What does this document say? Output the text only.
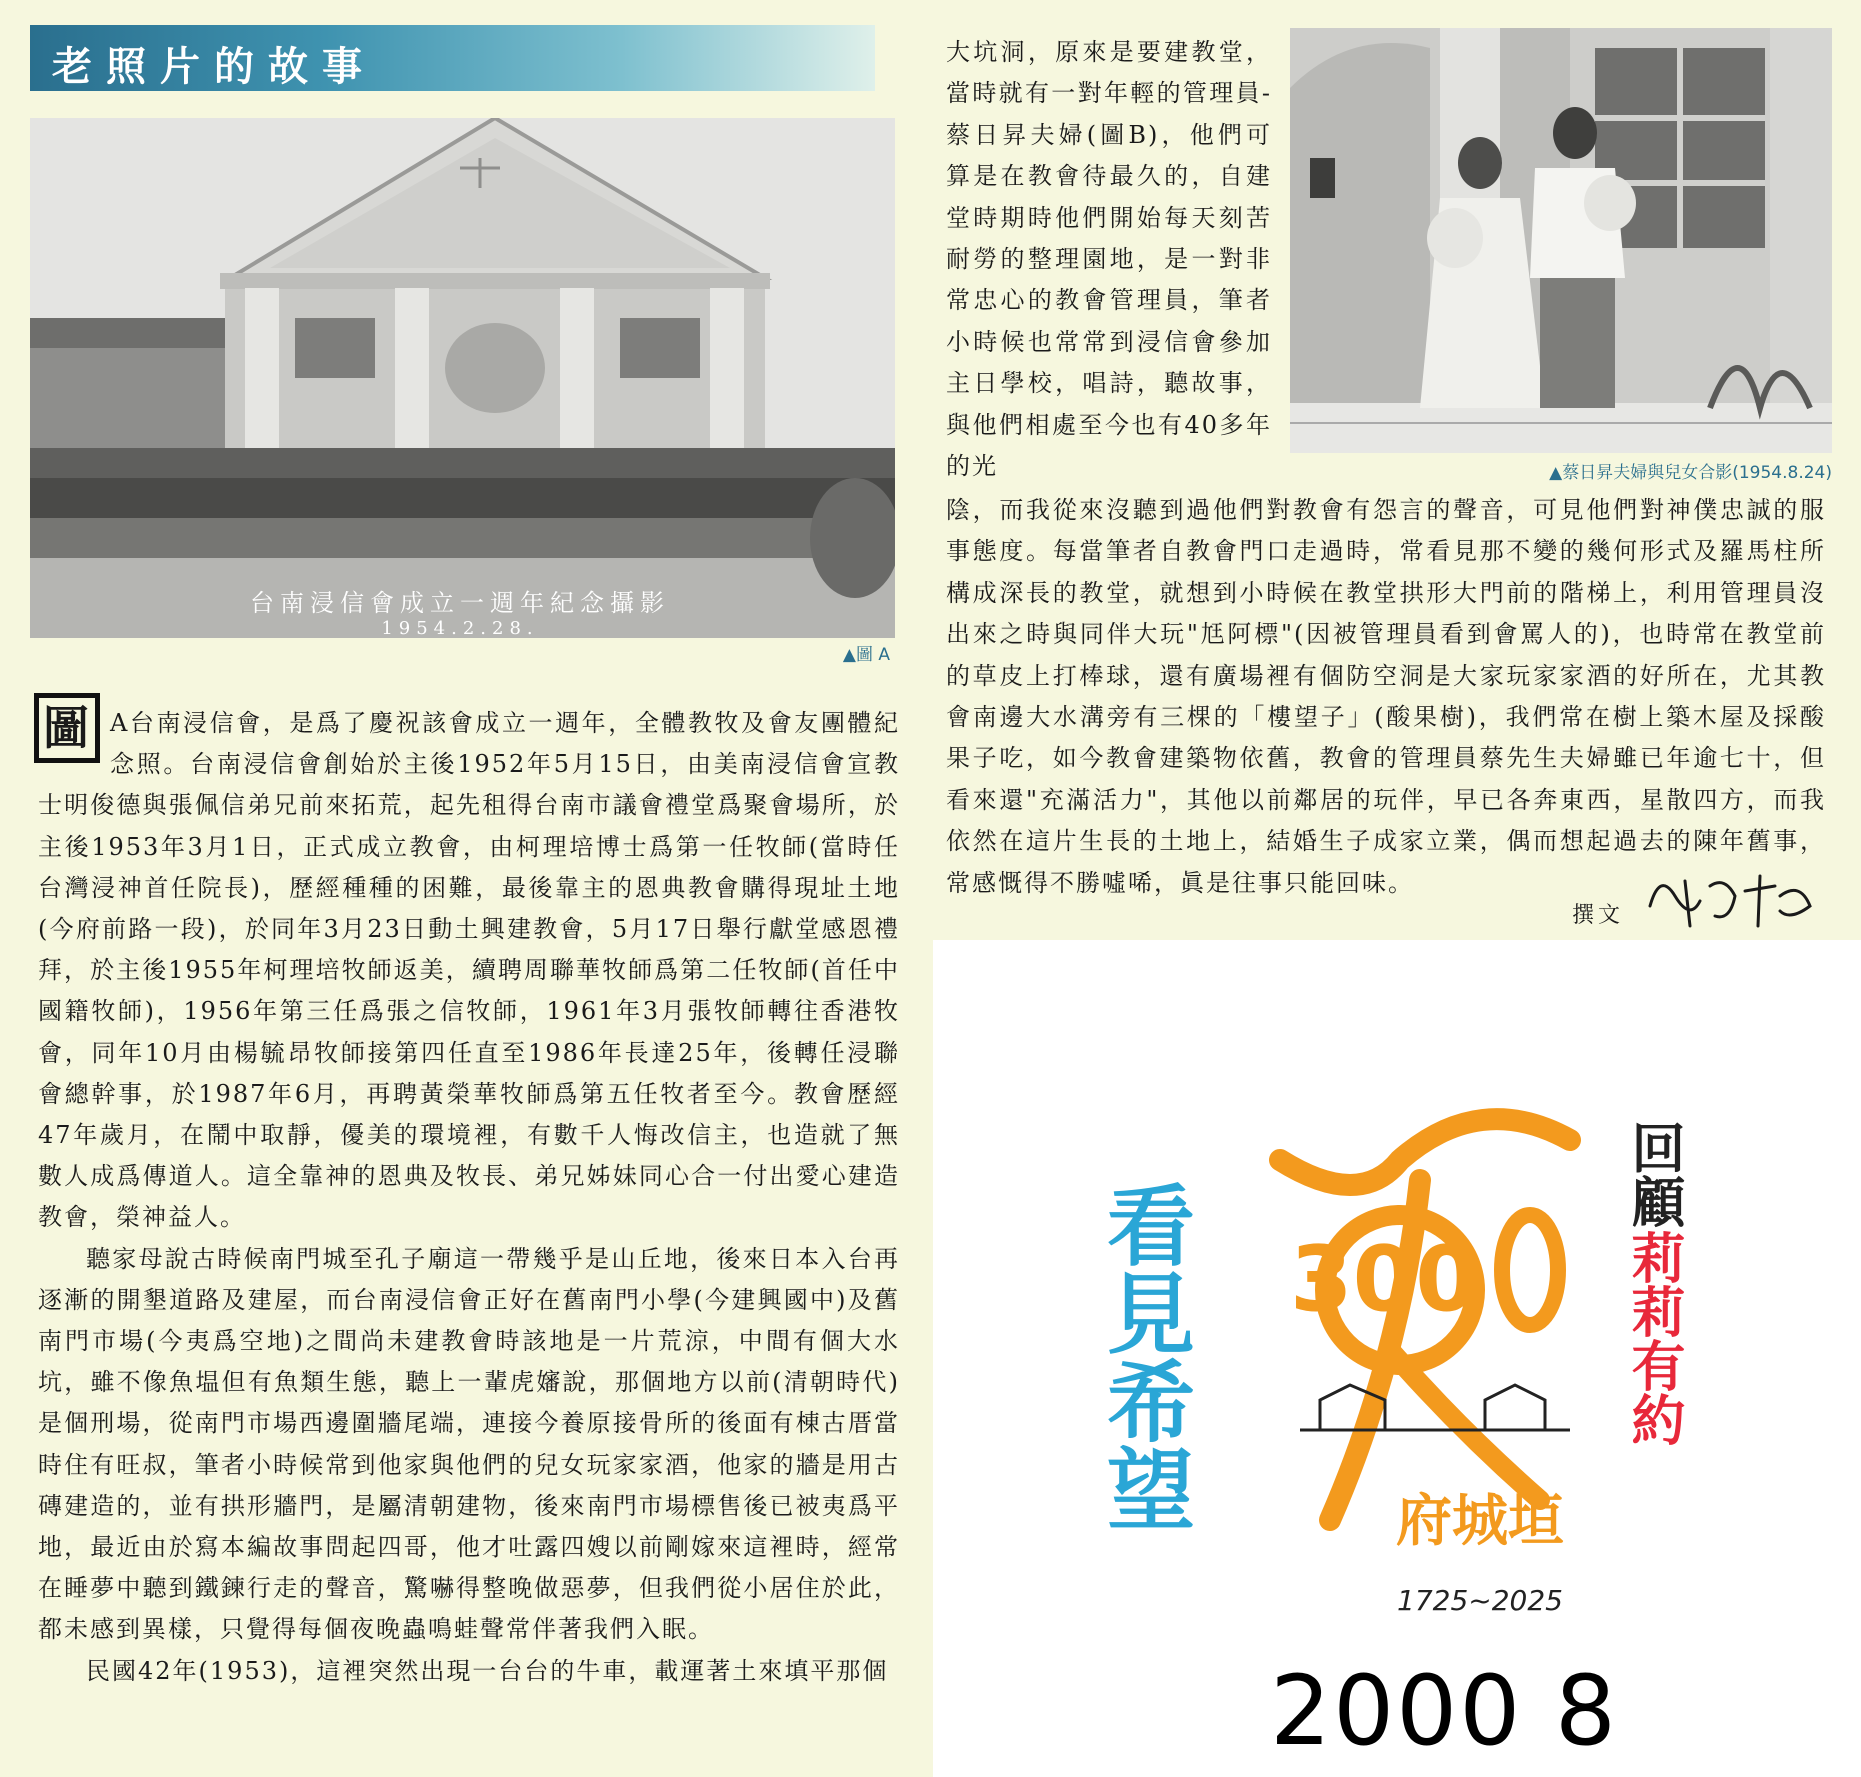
老照片的故事
台南浸信會成立一週年紀念攝影
1954.2.28.
▲圖 A

圖 A台南浸信會，是爲了慶祝該會成立一週年，全體教牧及會友團體紀念照。台南浸信會創始於主後1952年5月15日，由美南浸信會宣教士明俊德與張佩信弟兄前來拓荒，起先租得台南市議會禮堂爲聚會場所，於主後1953年3月1日，正式成立教會，由柯理培博士爲第一任牧師(當時任台灣浸神首任院長)，歷經種種的困難，最後靠主的恩典教會購得現址土地(今府前路一段)，於同年3月23日動土興建教會，5月17日舉行獻堂感恩禮拜，於主後1955年柯理培牧師返美，續聘周聯華牧師爲第二任牧師(首任中國籍牧師)，1956年第三任爲張之信牧師，1961年3月張牧師轉往香港牧會，同年10月由楊毓昂牧師接第四任直至1986年長達25年，後轉任浸聯會總幹事，於1987年6月，再聘黃榮華牧師爲第五任牧者至今。教會歷經47年歲月，在鬧中取靜，優美的環境裡，有數千人悔改信主，也造就了無數人成爲傳道人。這全靠神的恩典及牧長、弟兄姊妹同心合一付出愛心建造教會，榮神益人。

聽家母說古時候南門城至孔子廟這一帶幾乎是山丘地，後來日本入台再逐漸的開墾道路及建屋，而台南浸信會正好在舊南門小學(今建興國中)及舊南門市場(今夷爲空地)之間尚未建教會時該地是一片荒涼，中間有個大水坑，雖不像魚塭但有魚類生態，聽上一輩虎嬸說，那個地方以前(清朝時代)是個刑場，從南門市場西邊圍牆尾端，連接今養原接骨所的後面有棟古厝當時住有旺叔，筆者小時候常到他家與他們的兒女玩家家酒，他家的牆是用古磚建造的，並有拱形牆門，是屬清朝建物，後來南門市場標售後已被夷爲平地，最近由於寫本編故事問起四哥，他才吐露四嫂以前剛嫁來這裡時，經常在睡夢中聽到鐵鍊行走的聲音，驚嚇得整晚做惡夢，但我們從小居住於此，都未感到異樣，只覺得每個夜晚蟲鳴蛙聲常伴著我們入眠。

民國42年(1953)，這裡突然出現一台台的牛車，載運著土來填平那個

大坑洞，原來是要建教堂，當時就有一對年輕的管理員-蔡日昇夫婦(圖B)，他們可算是在教會待最久的，自建堂時期時他們開始每天刻苦耐勞的整理園地，是一對非常忠心的教會管理員，筆者小時候也常常到浸信會參加主日學校，唱詩，聽故事，與他們相處至今也有40多年的光	▲蔡日昇夫婦與兒女合影(1954.8.24)
陰，而我從來沒聽到過他們對教會有怨言的聲音，可見他們對神僕忠誠的服事態度。每當筆者自教會門口走過時，常看見那不變的幾何形式及羅馬柱所構成深長的教堂，就想到小時候在教堂拱形大門前的階梯上，利用管理員沒出來之時與同伴大玩"尪阿標"(因被管理員看到會罵人的)，也時常在教堂前的草皮上打棒球，還有廣場裡有個防空洞是大家玩家家酒的好所在，尤其教會南邊大水溝旁有三棵的「樓望子」(酸果樹)，我們常在樹上築木屋及採酸果子吃，如今教會建築物依舊，教會的管理員蔡先生夫婦雖已年逾七十，但看來還"充滿活力"，其他以前鄰居的玩伴，早已各奔東西，星散四方，而我依然在這片生長的土地上，結婚生子成家立業，偶而想起過去的陳年舊事，常感慨得不勝噓唏，眞是往事只能回味。
撰文
看見希望 300
府城垣
1725~2025
回顧
莉莉有約
2000 8
